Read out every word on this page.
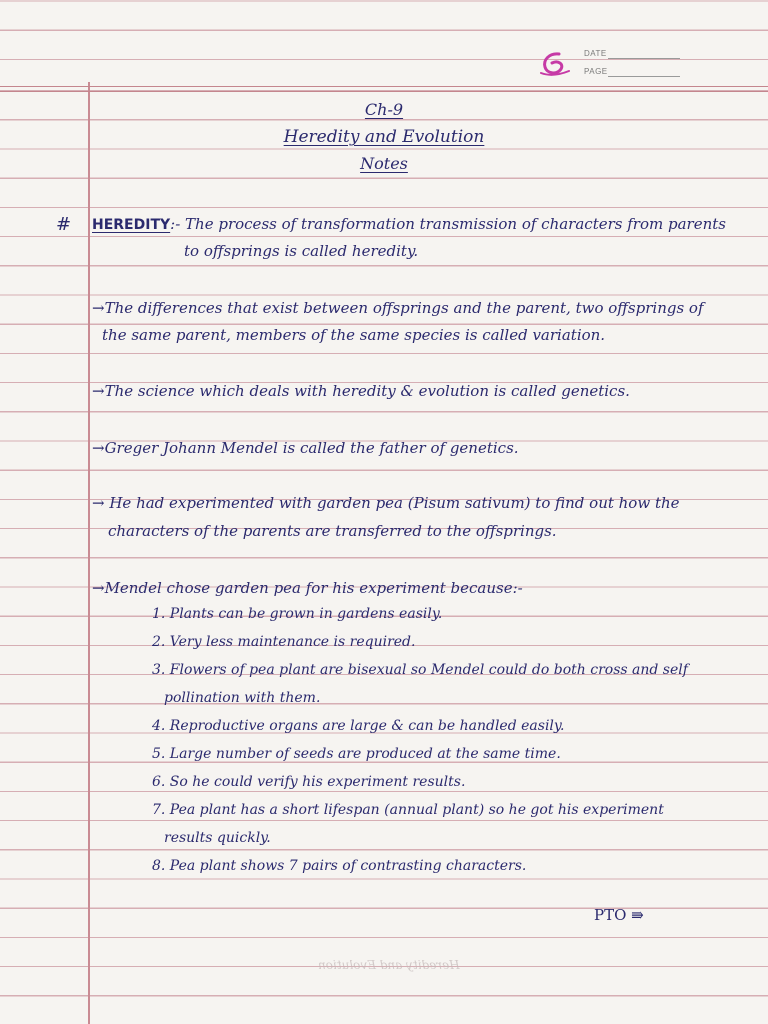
DATE
PAGE
Ch-9
Heredity and Evolution
Notes
# HEREDITY:- The process of transformation transmission of characters from parents
to offsprings is called heredity.
→The differences that exist between offsprings and the parent, two offsprings of
the same parent, members of the same species is called variation.
→The science which deals with heredity & evolution is called genetics.
→Greger Johann Mendel is called the father of genetics.
→ He had experimented with garden pea (Pisum sativum) to find out how the
characters of the parents are transferred to the offsprings.
→Mendel chose garden pea for his experiment because:-
1. Plants can be grown in gardens easily.
2. Very less maintenance is required.
3. Flowers of pea plant are bisexual so Mendel could do both cross and self
pollination with them.
4. Reproductive organs are large & can be handled easily.
5. Large number of seeds are produced at the same time.
6. So he could verify his experiment results.
7. Pea plant has a short lifespan (annual plant) so he got his experiment
results quickly.
8. Pea plant shows 7 pairs of contrasting characters.
PTO ⇛
Heredity and Evolution
